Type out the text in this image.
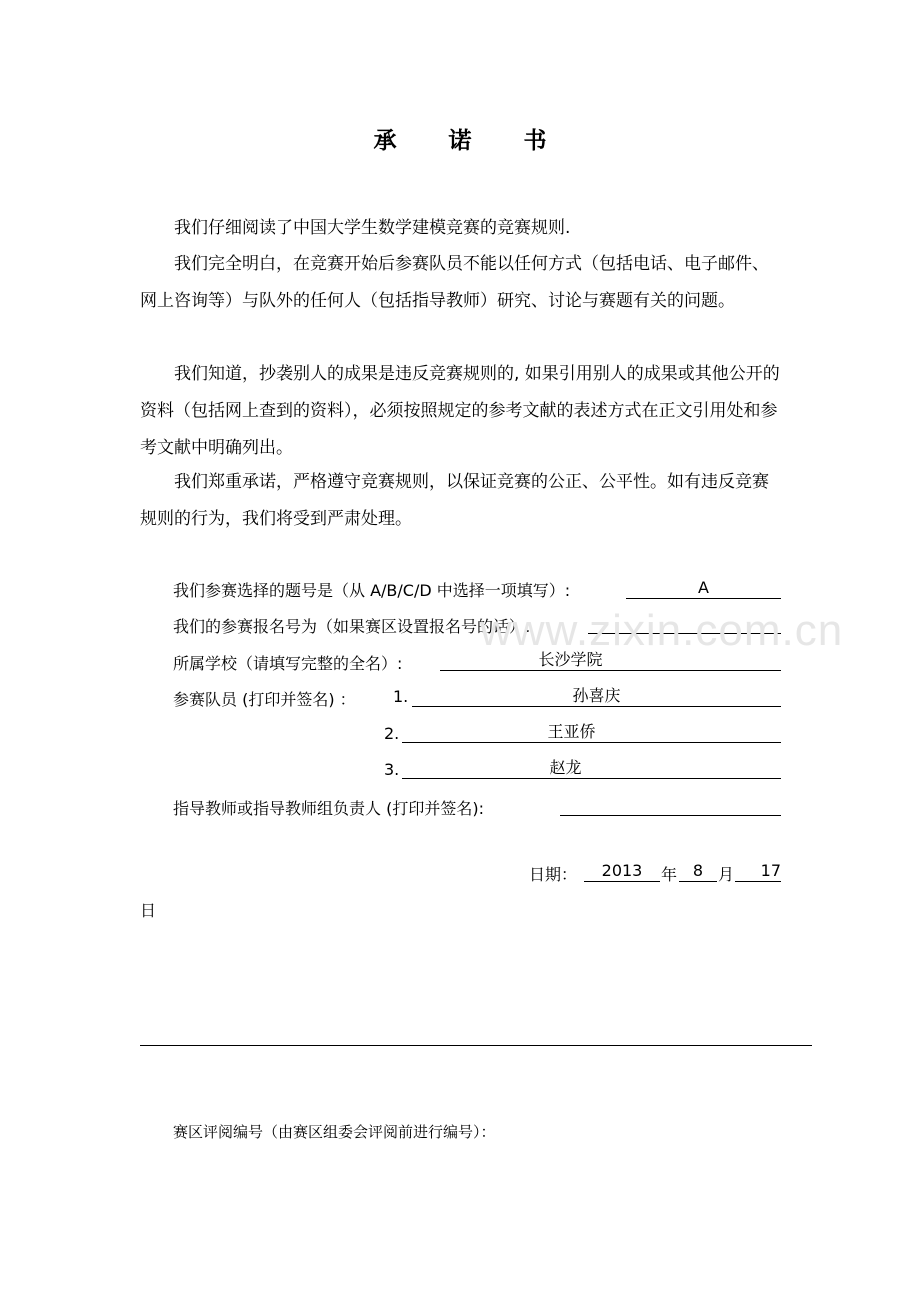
承 诺 书
我们仔细阅读了中国大学生数学建模竞赛的竞赛规则.
我们完全明白，在竞赛开始后参赛队员不能以任何方式（包括电话、电子邮件、网上咨询等）与队外的任何人（包括指导教师）研究、讨论与赛题有关的问题。
我们知道，抄袭别人的成果是违反竞赛规则的, 如果引用别人的成果或其他公开的资料（包括网上查到的资料），必须按照规定的参考文献的表述方式在正文引用处和参考文献中明确列出。
我们郑重承诺，严格遵守竞赛规则，以保证竞赛的公正、公平性。如有违反竞赛规则的行为，我们将受到严肃处理。
我们参赛选择的题号是（从 A/B/C/D 中选择一项填写）:	A
我们的参赛报名号为（如果赛区设置报名号的话）:
所属学校（请填写完整的全名）:	长沙学院
参赛队员 (打印并签名) ： 1.	孙喜庆
2.	王亚侨
3.	赵龙
指导教师或指导教师组负责人 (打印并签名):
日期：	2013	年 8 月	17
日
赛区评阅编号（由赛区组委会评阅前进行编号）：
www.zixin.com.cn
